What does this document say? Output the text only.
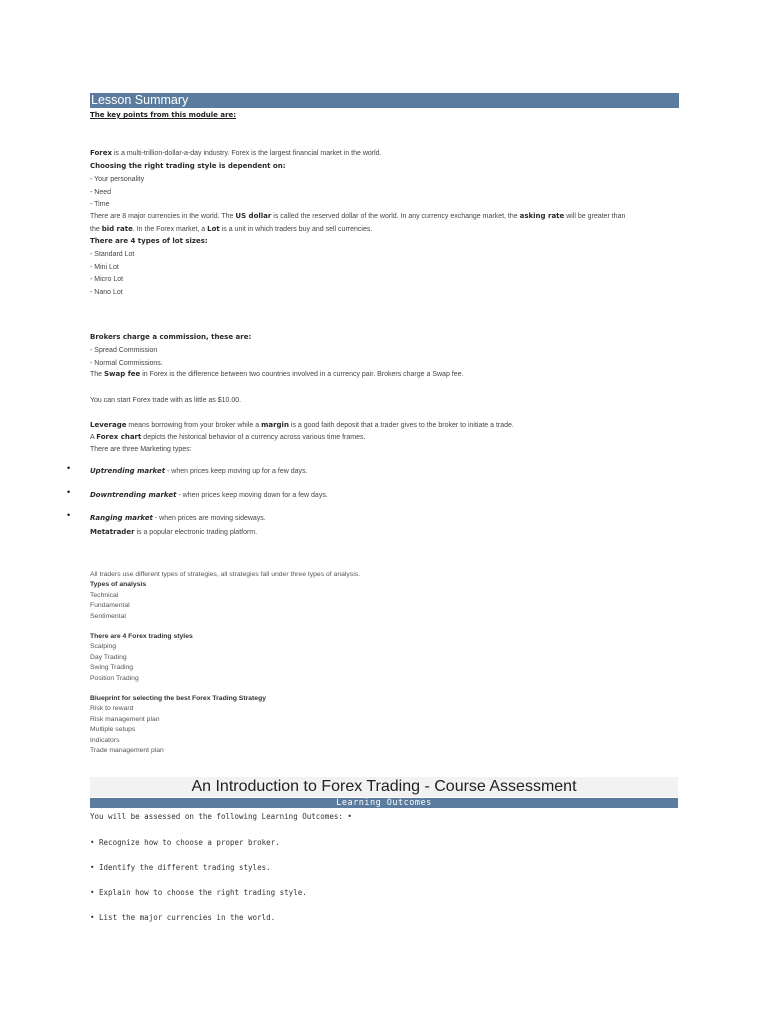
Lesson Summary
The key points from this module are:
Forex is a multi-trillion-dollar-a-day industry. Forex is the largest financial market in the world.
Choosing the right trading style is dependent on:
- Your personality
- Need
- Time
There are 8 major currencies in the world. The US dollar is called the reserved dollar of the world. In any currency exchange market, the asking rate will be greater than
the bid rate. In the Forex market, a Lot is a unit in which traders buy and sell currencies.
There are 4 types of lot sizes:
- Standard Lot
- Mini Lot
- Micro Lot
- Nano Lot
Brokers charge a commission, these are:
- Spread Commission
- Normal Commissions.
The Swap fee in Forex is the difference between two countries involved in a currency pair. Brokers charge a Swap fee.
You can start Forex trade with as little as $10.00.
Leverage means borrowing from your broker while a margin is a good faith deposit that a trader gives to the broker to initiate a trade.
A Forex chart depicts the historical behavior of a currency across various time frames.
There are three Marketing types:
•	Uptrending market - when prices keep moving up for a few days.
•	Downtrending market - when prices keep moving down for a few days.
•	Ranging market - when prices are moving sideways.
Metatrader is a popular electronic trading platform.
All traders use different types of strategies, all strategies fall under three types of analysis.
Types of analysis
Technical
Fundamental
Sentimental
There are 4 Forex trading styles
Scalping
Day Trading
Swing Trading
Position Trading
Blueprint for selecting the best Forex Trading Strategy
Risk to reward
Risk management plan
Multiple setups
Indicators
Trade management plan
An Introduction to Forex Trading - Course Assessment
Learning Outcomes
You will be assessed on the following Learning Outcomes: •
• Recognize how to choose a proper broker.
• Identify the different trading styles.
• Explain how to choose the right trading style.
• List the major currencies in the world.
